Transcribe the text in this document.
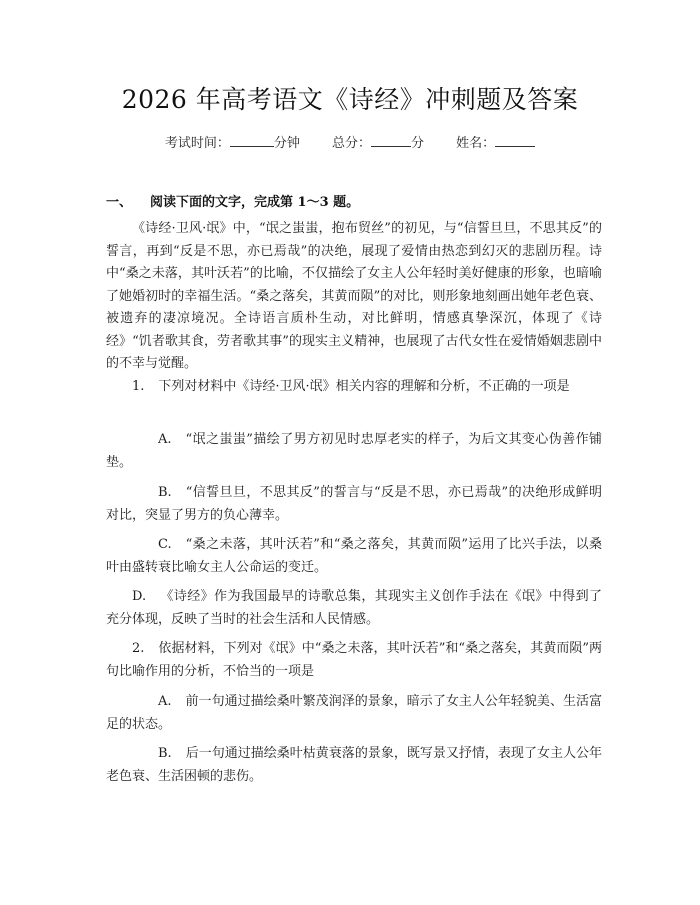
2026 年高考语文《诗经》冲刺题及答案
考试时间：	分钟 总分：	分 姓名：
一、 阅读下面的文字，完成第 1～3 题。
《诗经·卫风·氓》中，“氓之蚩蚩，抱布贸丝”的初见，与“信誓旦旦，不思其反”的誓言，再到“反是不思，亦已焉哉”的决绝，展现了爱情由热恋到幻灭的悲剧历程。诗中“桑之未落，其叶沃若”的比喻，不仅描绘了女主人公年轻时美好健康的形象，也暗喻了她婚初时的幸福生活。“桑之落矣，其黄而陨”的对比，则形象地刻画出她年老色衰、被遗弃的凄凉境况。全诗语言质朴生动，对比鲜明，情感真挚深沉，体现了《诗经》“饥者歌其食，劳者歌其事”的现实主义精神，也展现了古代女性在爱情婚姻悲剧中的不幸与觉醒。
1. 下列对材料中《诗经·卫风·氓》相关内容的理解和分析，不正确的一项是
A. “氓之蚩蚩”描绘了男方初见时忠厚老实的样子，为后文其变心伪善作铺垫。
B. “信誓旦旦，不思其反”的誓言与“反是不思，亦已焉哉”的决绝形成鲜明对比，突显了男方的负心薄幸。
C. “桑之未落，其叶沃若”和“桑之落矣，其黄而陨”运用了比兴手法，以桑叶由盛转衰比喻女主人公命运的变迁。
D. 《诗经》作为我国最早的诗歌总集，其现实主义创作手法在《氓》中得到了充分体现，反映了当时的社会生活和人民情感。
2. 依据材料，下列对《氓》中“桑之未落，其叶沃若”和“桑之落矣，其黄而陨”两句比喻作用的分析，不恰当的一项是
A. 前一句通过描绘桑叶繁茂润泽的景象，暗示了女主人公年轻貌美、生活富足的状态。
B. 后一句通过描绘桑叶枯黄衰落的景象，既写景又抒情，表现了女主人公年老色衰、生活困顿的悲伤。
